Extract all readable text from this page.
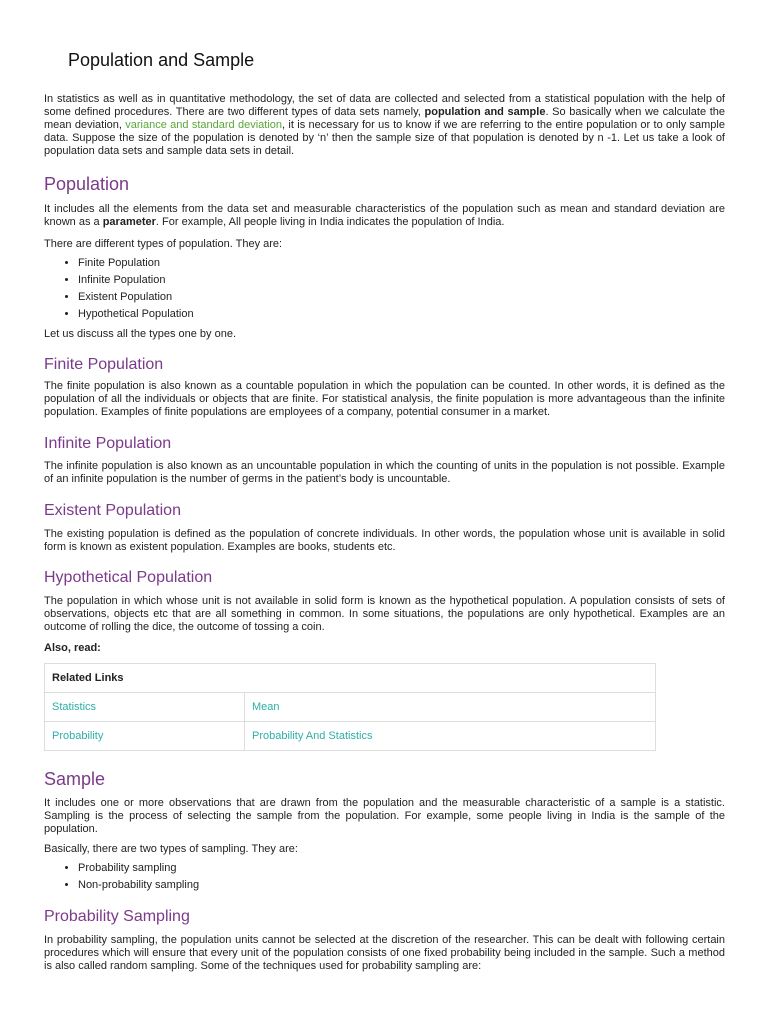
Population and Sample

In statistics as well as in quantitative methodology, the set of data are collected and selected from a statistical population with the help of some defined procedures. There are two different types of data sets namely, population and sample. So basically when we calculate the mean deviation, variance and standard deviation, it is necessary for us to know if we are referring to the entire population or to only sample data. Suppose the size of the population is denoted by ‘n’ then the sample size of that population is denoted by n -1. Let us take a look of population data sets and sample data sets in detail.

Population

It includes all the elements from the data set and measurable characteristics of the population such as mean and standard deviation are known as a parameter. For example, All people living in India indicates the population of India.

There are different types of population. They are:

• Finite Population
• Infinite Population
• Existent Population
• Hypothetical Population

Let us discuss all the types one by one.

Finite Population

The finite population is also known as a countable population in which the population can be counted. In other words, it is defined as the population of all the individuals or objects that are finite. For statistical analysis, the finite population is more advantageous than the infinite population. Examples of finite populations are employees of a company, potential consumer in a market.

Infinite Population

The infinite population is also known as an uncountable population in which the counting of units in the population is not possible. Example of an infinite population is the number of germs in the patient’s body is uncountable.

Existent Population

The existing population is defined as the population of concrete individuals. In other words, the population whose unit is available in solid form is known as existent population. Examples are books, students etc.

Hypothetical Population

The population in which whose unit is not available in solid form is known as the hypothetical population. A population consists of sets of observations, objects etc that are all something in common. In some situations, the populations are only hypothetical. Examples are an outcome of rolling the dice, the outcome of tossing a coin.

Also, read:
Related Links	
Statistics	Mean
Probability	Probability And Statistics
Sample

It includes one or more observations that are drawn from the population and the measurable characteristic of a sample is a statistic. Sampling is the process of selecting the sample from the population. For example, some people living in India is the sample of the population.

Basically, there are two types of sampling. They are:

• Probability sampling
• Non-probability sampling
Probability Sampling

In probability sampling, the population units cannot be selected at the discretion of the researcher. This can be dealt with following certain procedures which will ensure that every unit of the population consists of one fixed probability being included in the sample. Such a method is also called random sampling. Some of the techniques used for probability sampling are:
